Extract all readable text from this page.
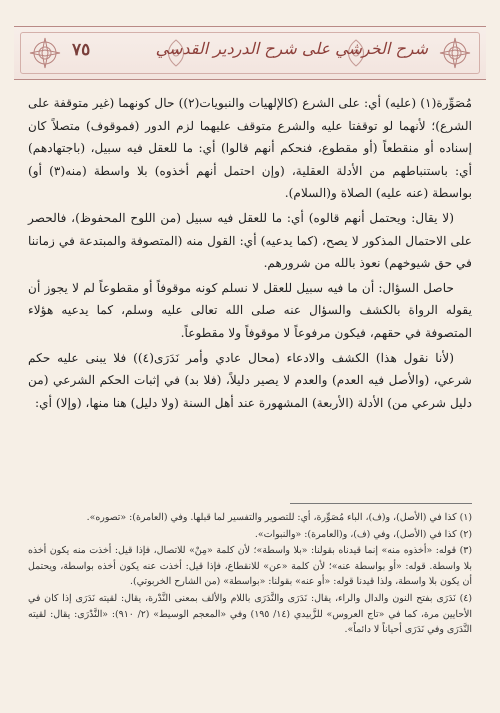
٧٥	شرح الخرشي على شرح الدردير القدسي

مُصَوِّرة(١) (عليه) أي: على الشرع (كالإلهيات والنبويات(٢)) حال كونهما (غير متوقفة على الشرع)؛ لأنهما لو توقفتا عليه والشرع متوقف عليهما لزم الدور (فموقوف) متصلاً كان إسناده أو منقطعاً (أو مقطوع، فنحكم أنهم قالوا) أي: ما للعقل فيه سبيل، (باجتهادهم) أي: باستنباطهم من الأدلة العقلية، (وإن احتمل أنهم أخذوه) بلا واسطة (منه(٣) أو) بواسطة (عنه عليه) الصلاة و(السلام).

(لا يقال: ويحتمل أنهم قالوه) أي: ما للعقل فيه سبيل (من اللوح المحفوظ)، فالحصر على الاحتمال المذكور لا يصح، (كما يدعيه) أي: القول منه (المتصوفة والمبتدعة في زماننا في حق شيوخهم) نعوذ بالله من شرورهم.

حاصل السؤال: أن ما فيه سبيل للعقل لا نسلم كونه موقوفاً أو مقطوعاً لم لا يجوز أن يقوله الرواة بالكشف والسؤال عنه صلى الله تعالى عليه وسلم، كما يدعيه هؤلاء المتصوفة في حقهم، فيكون مرفوعاً لا موقوفاً ولا مقطوعاً.

(لأنا نقول هذا) الكشف والادعاء (محال عادي وأمر نَدَرَى(٤)) فلا يبنى عليه حكم شرعي، (والأصل فيه العدم) والعدم لا يصير دليلاً، (فلا بد) في إثبات الحكم الشرعي (من دليل شرعي من) الأدلة (الأربعة) المشهورة عند أهل السنة (ولا دليل) هنا منها، (وإلا) أي:

(١) كذا في (الأصل)، و(ف)، الباء مُصَوِّرة، أي: للتصوير والتفسير لما قبلها. وفي (العامرة): «تصوره».

(٢) كذا في (الأصل)، وفي (ف)، و(العامرة): «والنبوات».

(٣) قوله: «أخذوه منه» إنما قيدناه بقولنا: «بلا واسطة»؛ لأن كلمة «مِنْ» للاتصال، فإذا قيل: أخذت منه يكون أخذه بلا واسطة. قوله: «أو بواسطة عنه»؛ لأن كلمة «عن» للانقطاع، فإذا قيل: أخذت عنه يكون أخذه بواسطة، ويحتمل أن يكون بلا واسطة، ولذا قيدنا قوله: «أو عنه» بقولنا: «بواسطة» (من الشارح الخربوتي).

(٤) نَدَرَى بفتح النون والدال والراء، يقال: نَدَرَى والنَّدَرَى باللام والألف بمعنى النَّدْرة، يقال: لقيته نَدَرَى إذا كان في الأحايين مرة، كما في «تاج العروس» للزَّبيدي (١٤/ ١٩٥) وفي «المعجم الوسيط» (٢/ ٩١٠): «النَّدْرَى: يقال: لقيته النَّدَرَى وفي نَدَرَى أحياناً لا دائماً».
